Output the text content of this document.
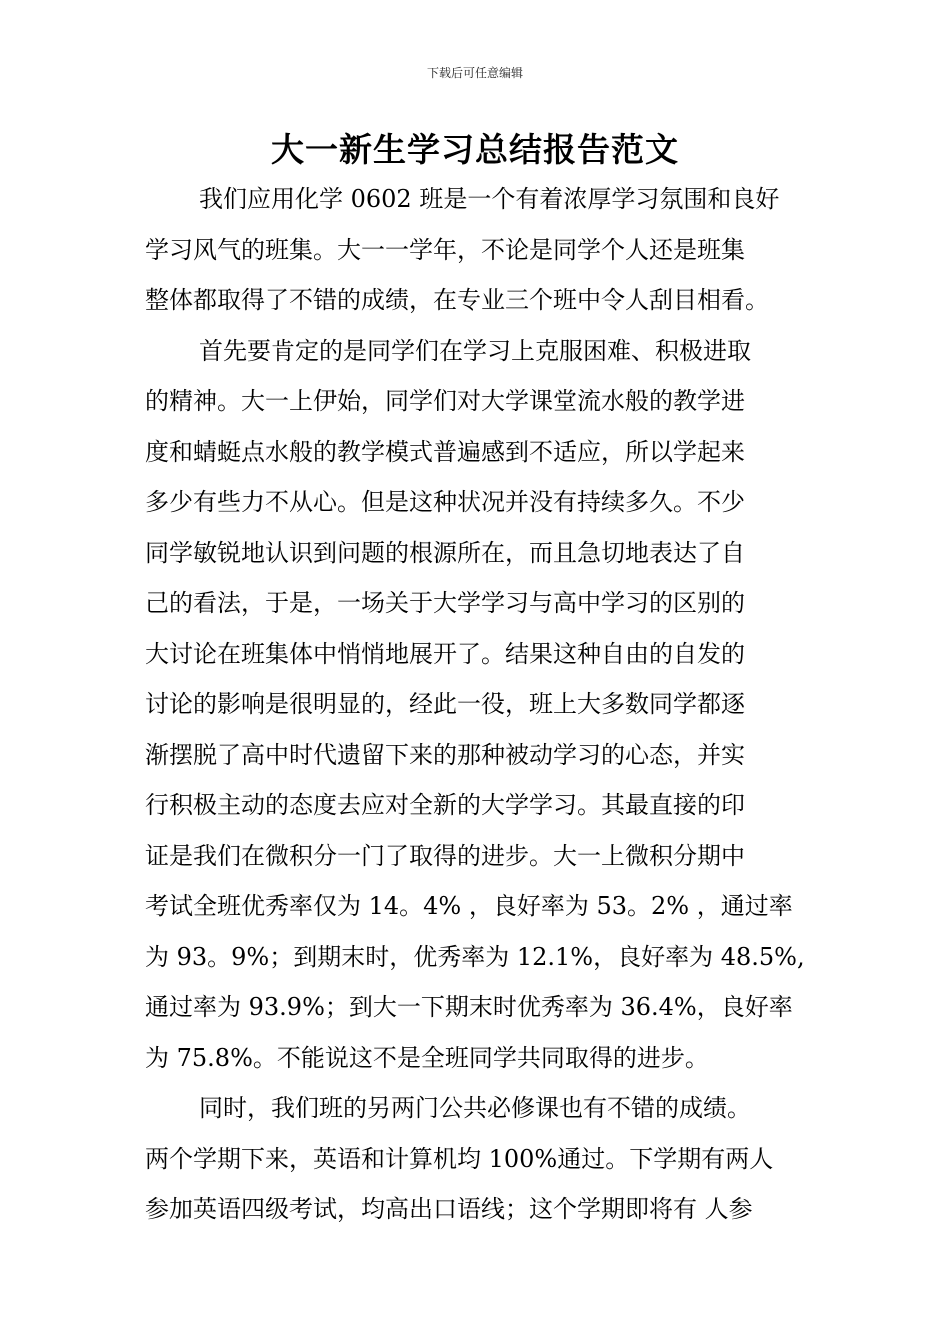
下载后可任意编辑
大一新生学习总结报告范文
我们应用化学 0602 班是一个有着浓厚学习氛围和良好
学习风气的班集。大一一学年，不论是同学个人还是班集
整体都取得了不错的成绩，在专业三个班中令人刮目相看。
首先要肯定的是同学们在学习上克服困难、积极进取
的精神。大一上伊始，同学们对大学课堂流水般的教学进
度和蜻蜓点水般的教学模式普遍感到不适应，所以学起来
多少有些力不从心。但是这种状况并没有持续多久。不少
同学敏锐地认识到问题的根源所在，而且急切地表达了自
己的看法，于是，一场关于大学学习与高中学习的区别的
大讨论在班集体中悄悄地展开了。结果这种自由的自发的
讨论的影响是很明显的，经此一役，班上大多数同学都逐
渐摆脱了高中时代遗留下来的那种被动学习的心态，并实
行积极主动的态度去应对全新的大学学习。其最直接的印
证是我们在微积分一门了取得的进步。大一上微积分期中
考试全班优秀率仅为 14。4% ，良好率为 53。2% ，通过率
为 93。9%；到期末时，优秀率为 12.1%，良好率为 48.5%,
通过率为 93.9%；到大一下期末时优秀率为 36.4%，良好率
为 75.8%。不能说这不是全班同学共同取得的进步。
同时，我们班的另两门公共必修课也有不错的成绩。
两个学期下来，英语和计算机均 100%通过。下学期有两人
参加英语四级考试，均高出口语线；这个学期即将有 人参
